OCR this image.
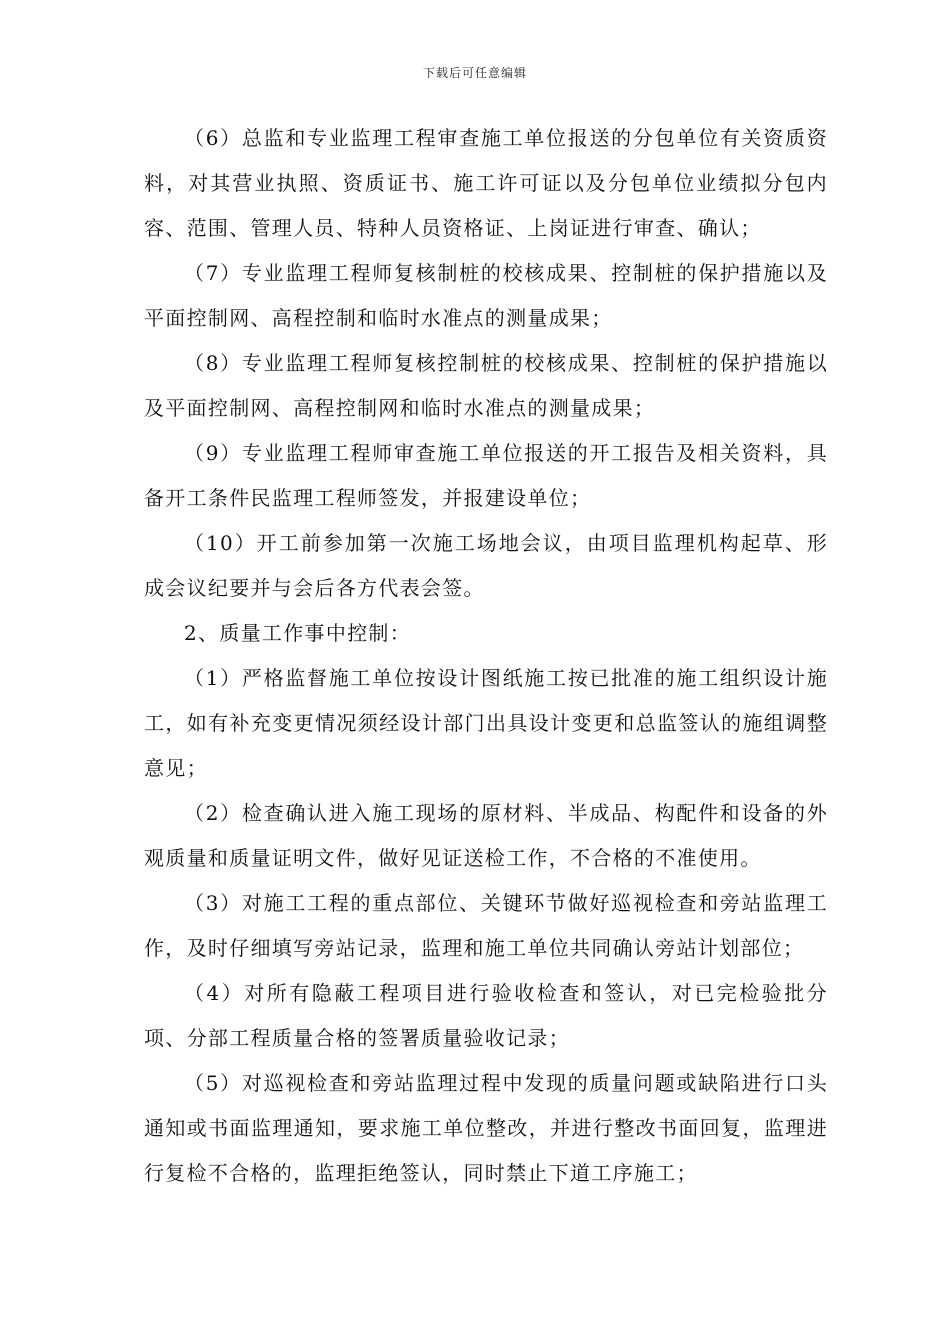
下载后可任意编辑

（6）总监和专业监理工程审查施工单位报送的分包单位有关资质资料，对其营业执照、资质证书、施工许可证以及分包单位业绩拟分包内容、范围、管理人员、特种人员资格证、上岗证进行审查、确认；

（7）专业监理工程师复核制桩的校核成果、控制桩的保护措施以及平面控制网、高程控制和临时水准点的测量成果；

（8）专业监理工程师复核控制桩的校核成果、控制桩的保护措施以及平面控制网、高程控制网和临时水准点的测量成果；

（9）专业监理工程师审查施工单位报送的开工报告及相关资料，具备开工条件民监理工程师签发，并报建设单位；

（10）开工前参加第一次施工场地会议，由项目监理机构起草、形成会议纪要并与会后各方代表会签。

2、质量工作事中控制：

（1）严格监督施工单位按设计图纸施工按已批准的施工组织设计施工，如有补充变更情况须经设计部门出具设计变更和总监签认的施组调整意见；

（2）检查确认进入施工现场的原材料、半成品、构配件和设备的外观质量和质量证明文件，做好见证送检工作，不合格的不准使用。

（3）对施工工程的重点部位、关键环节做好巡视检查和旁站监理工作，及时仔细填写旁站记录，监理和施工单位共同确认旁站计划部位；

（4）对所有隐蔽工程项目进行验收检查和签认，对已完检验批分项、分部工程质量合格的签署质量验收记录；

（5）对巡视检查和旁站监理过程中发现的质量问题或缺陷进行口头通知或书面监理通知，要求施工单位整改，并进行整改书面回复，监理进行复检不合格的，监理拒绝签认，同时禁止下道工序施工；
